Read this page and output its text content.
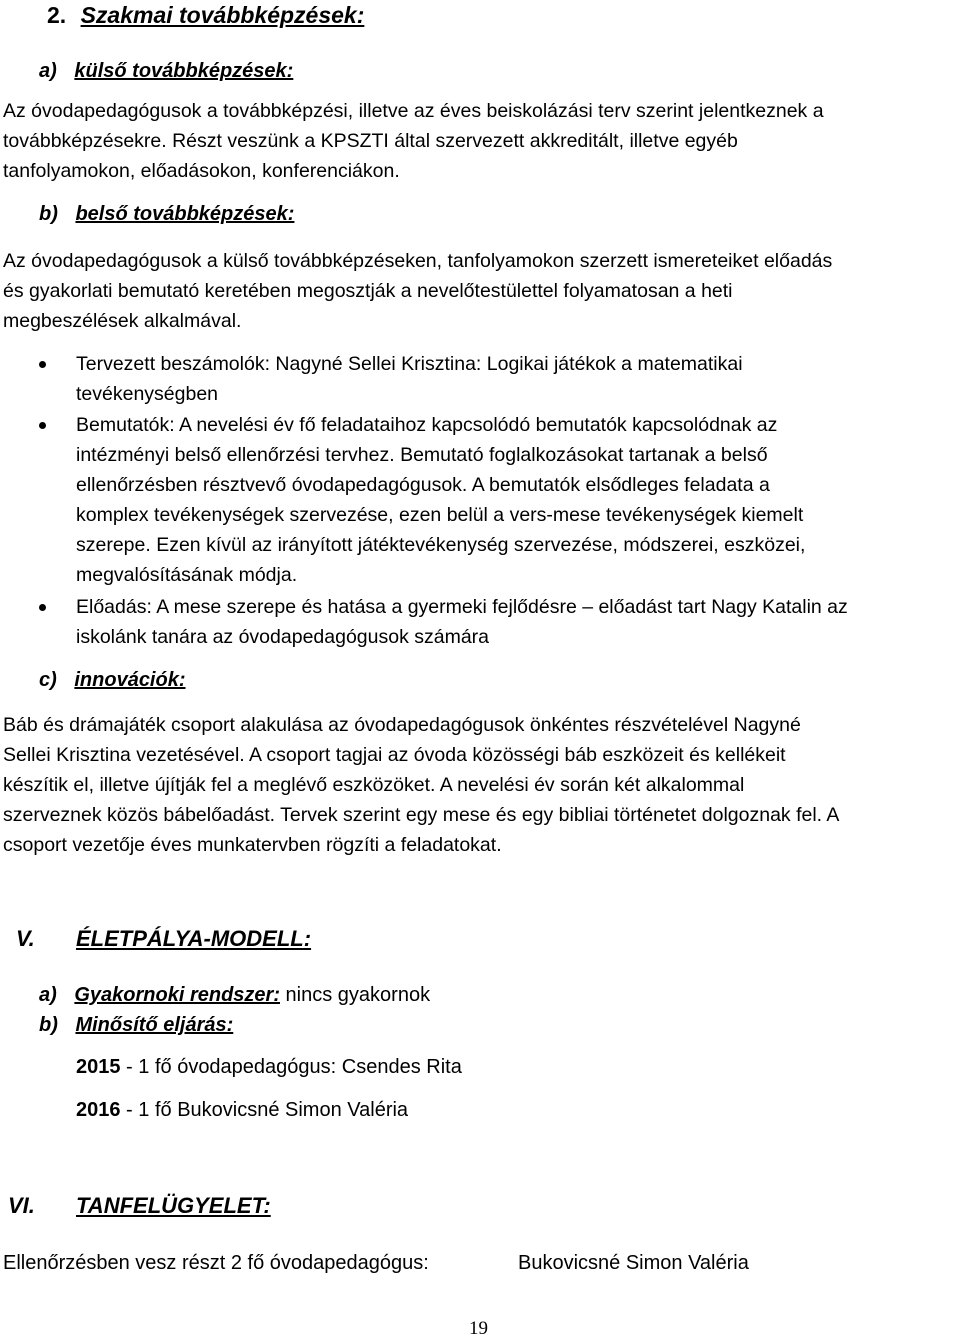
2. Szakmai továbbképzések:
a) külső továbbképzések:
Az óvodapedagógusok a továbbképzési, illetve az éves beiskolázási terv szerint jelentkeznek a
továbbképzésekre. Részt veszünk a KPSZTI által szervezett akkreditált, illetve egyéb
tanfolyamokon, előadásokon, konferenciákon.
b) belső továbbképzések:
Az óvodapedagógusok a külső továbbképzéseken, tanfolyamokon szerzett ismereteiket előadás
és gyakorlati bemutató keretében megosztják a nevelőtestülettel folyamatosan a heti
megbeszélések alkalmával.
Tervezett beszámolók: Nagyné Sellei Krisztina: Logikai játékok a matematikai
tevékenységben
Bemutatók: A nevelési év fő feladataihoz kapcsolódó bemutatók kapcsolódnak az
intézményi belső ellenőrzési tervhez. Bemutató foglalkozásokat tartanak a belső
ellenőrzésben résztvevő óvodapedagógusok. A bemutatók elsődleges feladata a
komplex tevékenységek szervezése, ezen belül a vers-mese tevékenységek kiemelt
szerepe. Ezen kívül az irányított játéktevékenység szervezése, módszerei, eszközei,
megvalósításának módja.
Előadás: A mese szerepe és hatása a gyermeki fejlődésre – előadást tart Nagy Katalin az
iskolánk tanára az óvodapedagógusok számára
c) innovációk:
Báb és drámajáték csoport alakulása az óvodapedagógusok önkéntes részvételével Nagyné
Sellei Krisztina vezetésével. A csoport tagjai az óvoda közösségi báb eszközeit és kellékeit
készítik el, illetve újítják fel a meglévő eszközöket. A nevelési év során két alkalommal
szerveznek közös bábelőadást. Tervek szerint egy mese és egy bibliai történetet dolgoznak fel. A
csoport vezetője éves munkatervben rögzíti a feladatokat.
V. ÉLETPÁLYA-MODELL:
a) Gyakornoki rendszer: nincs gyakornok
b) Minősítő eljárás:
2015 - 1 fő óvodapedagógus: Csendes Rita
2016 - 1 fő Bukovicsné Simon Valéria
VI. TANFELÜGYELET:
Ellenőrzésben vesz részt 2 fő óvodapedagógus:	Bukovicsné Simon Valéria
19
